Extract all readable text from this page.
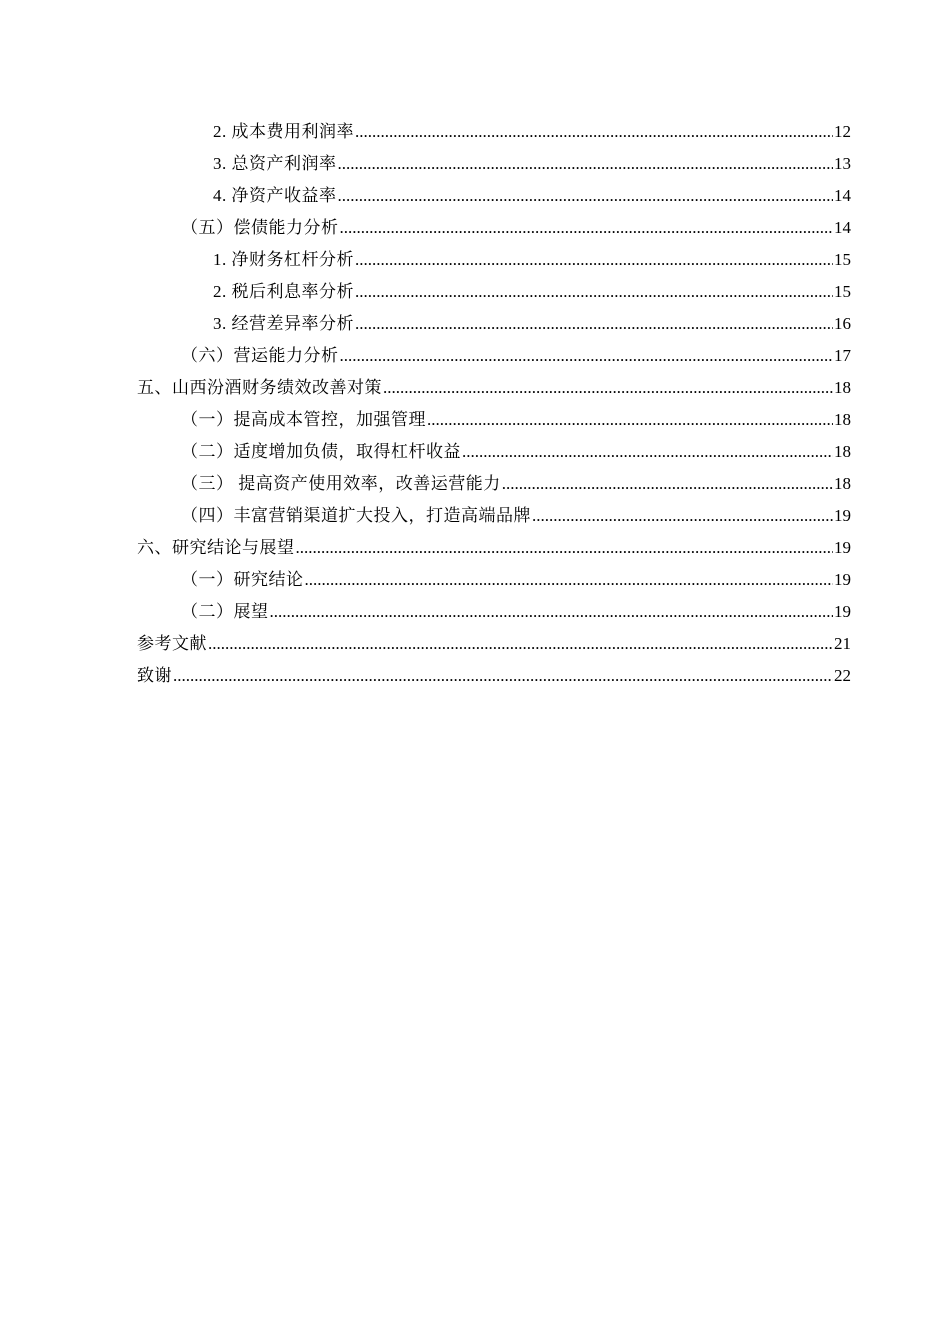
2. 成本费用利润率 .....	12
3. 总资产利润率 .....	13
4. 净资产收益率 .....	14
（五）偿债能力分析 .....	14
1. 净财务杠杆分析 .....	15
2. 税后利息率分析 .....	15
3. 经营差异率分析 .....	16
（六）营运能力分析 .....	17
五、山西汾酒财务绩效改善对策 .....	18
（一）提高成本管控，加强管理 .....	18
（二）适度增加负债，取得杠杆收益 .....	18
（三） 提高资产使用效率，改善运营能力 .....	18
（四）丰富营销渠道扩大投入，打造高端品牌 .....	19
六、研究结论与展望 .....	19
（一）研究结论 .....	19
（二）展望 .....	19
参考文献 .....	21
致谢 .....	22
